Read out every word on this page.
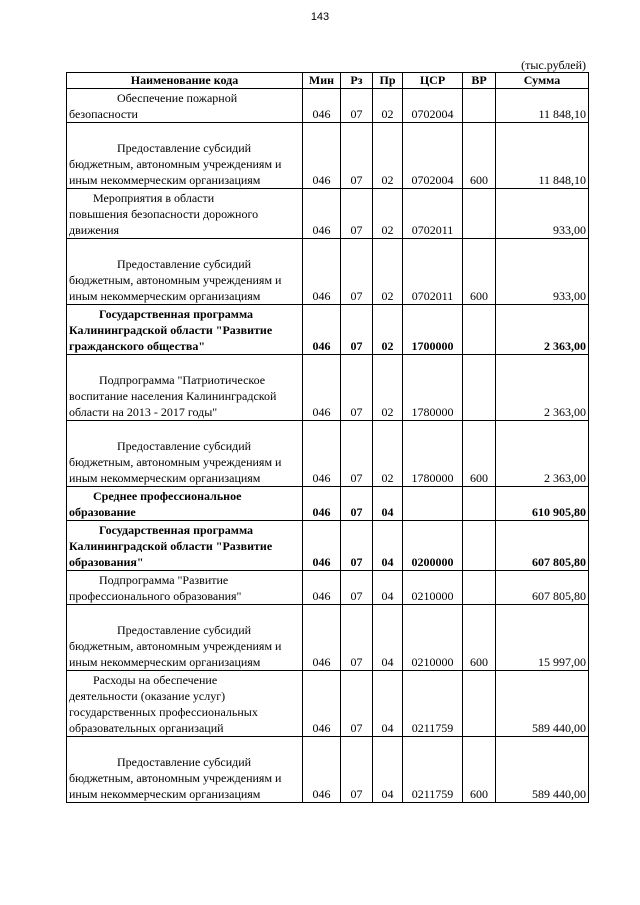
143
(тыс.рублей)
Наименование кода	Мин	Рз	Пр	ЦСР	ВР	Сумма

Обеспечение пожарной
безопасности	046	07	02	0702004		11 848,10

Предоставление субсидий
бюджетным, автономным учреждениям и
иным некоммерческим организациям	046	07	02	0702004	600	11 848,10

Мероприятия в области
повышения безопасности дорожного
движения	046	07	02	0702011		933,00

Предоставление субсидий
бюджетным, автономным учреждениям и
иным некоммерческим организациям	046	07	02	0702011	600	933,00

Государственная программа
Калининградской области "Развитие
гражданского общества"	046	07	02	1700000		2 363,00

Подпрограмма "Патриотическое
воспитание населения Калининградской
области на 2013 - 2017 годы"	046	07	02	1780000		2 363,00

Предоставление субсидий
бюджетным, автономным учреждениям и
иным некоммерческим организациям	046	07	02	1780000	600	2 363,00

Среднее профессиональное
образование	046	07	04			610 905,80

Государственная программа
Калининградской области "Развитие
образования"	046	07	04	0200000		607 805,80

Подпрограмма "Развитие
профессионального образования"	046	07	04	0210000		607 805,80

Предоставление субсидий
бюджетным, автономным учреждениям и
иным некоммерческим организациям	046	07	04	0210000	600	15 997,00

Расходы на обеспечение
деятельности (оказание услуг)
государственных профессиональных
образовательных организаций	046	07	04	0211759		589 440,00

Предоставление субсидий
бюджетным, автономным учреждениям и
иным некоммерческим организациям	046	07	04	0211759	600	589 440,00
